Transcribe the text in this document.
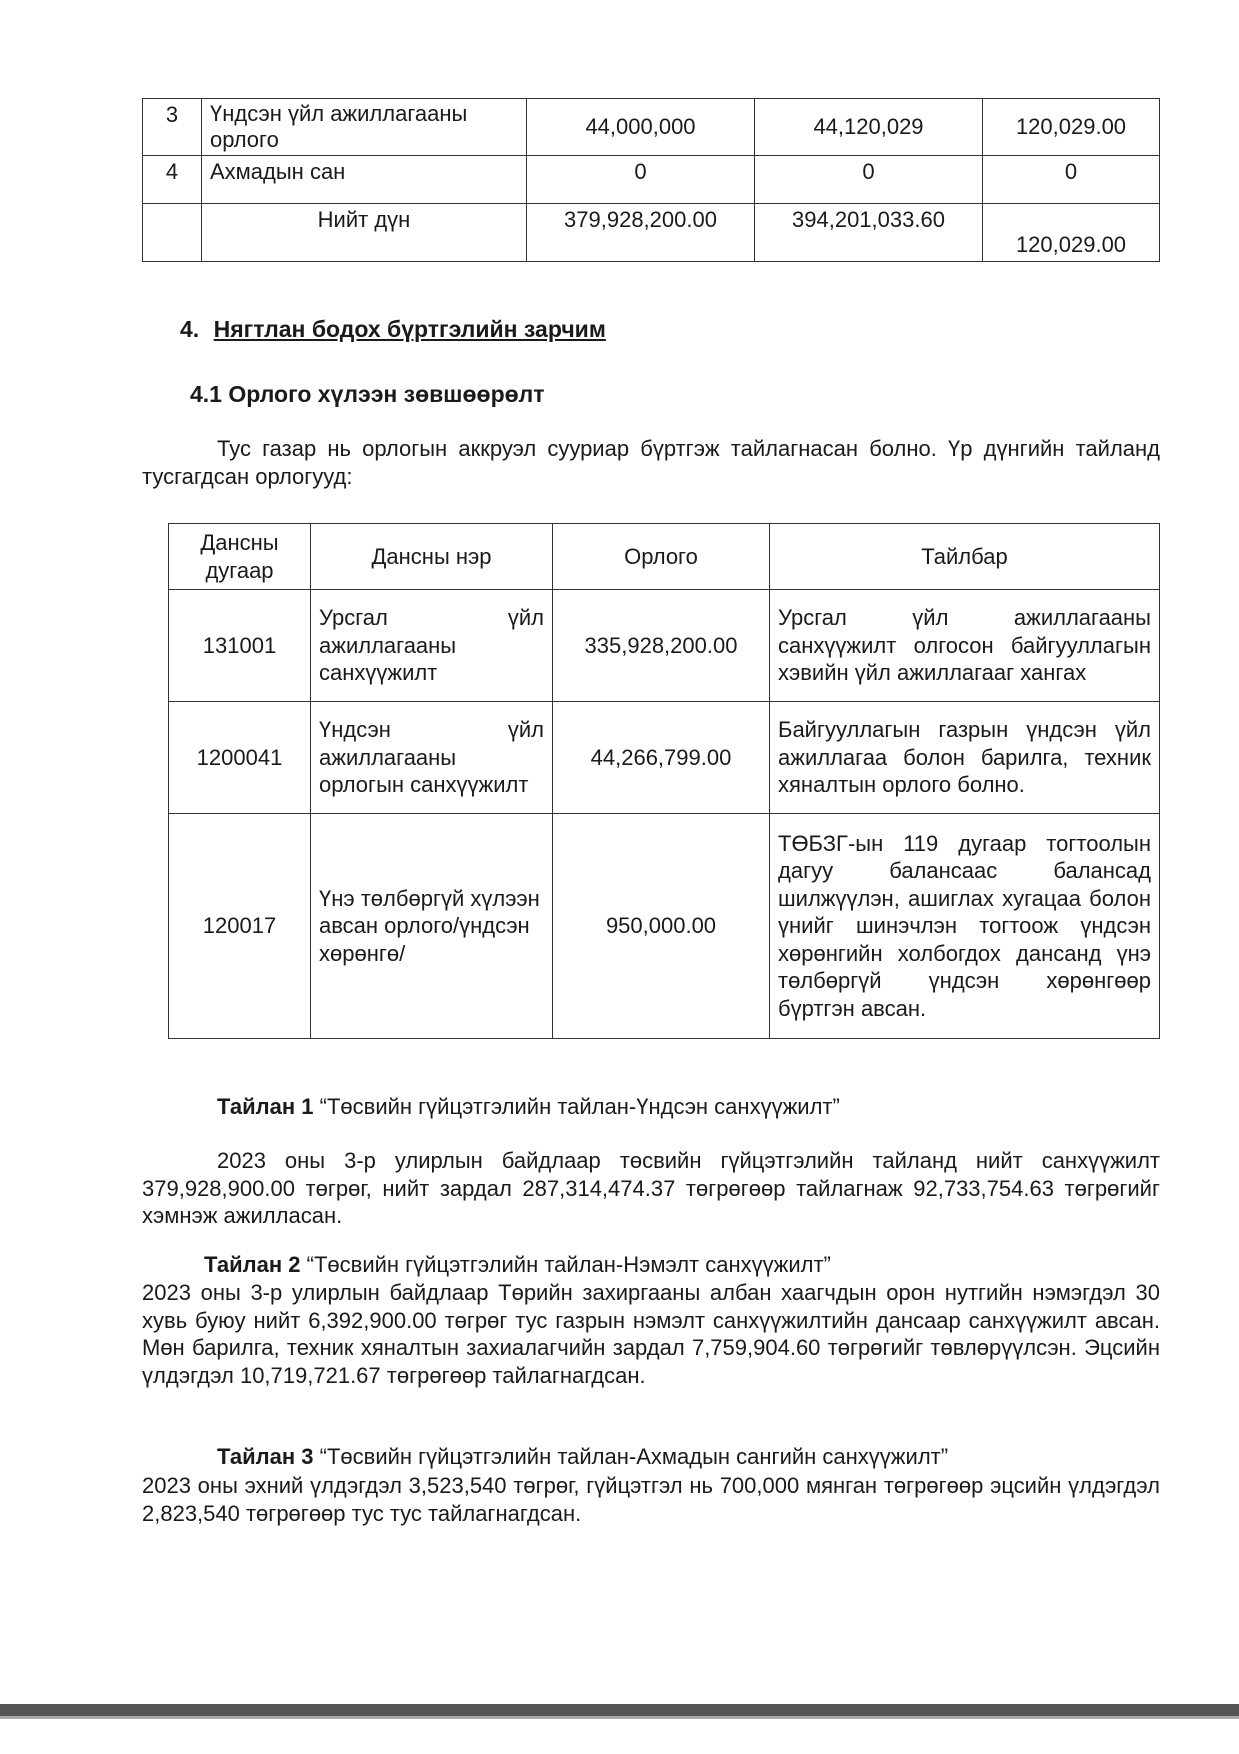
3	Үндсэн үйл ажиллагааны орлого	44,000,000	44,120,029	120,029.00
4	Ахмадын сан	0	0	0
	Нийт дүн	379,928,200.00	394,201,033.60	120,029.00
4. Нягтлан бодох бүртгэлийн зарчим
4.1 Орлого хүлээн зөвшөөрөлт
Тус газар нь орлогын аккруэл сууриар бүртгэж тайлагнасан болно. Үр дүнгийн тайланд тусгагдсан орлогууд:
Дансны дугаар	Дансны нэр	Орлого	Тайлбар
131001	Урсгал үйл ажиллагааны санхүүжилт	335,928,200.00	Урсгал үйл ажиллагааны санхүүжилт олгосон байгууллагын хэвийн үйл ажиллагааг хангах
1200041	Үндсэн үйл ажиллагааны орлогын санхүүжилт	44,266,799.00	Байгууллагын газрын үндсэн үйл ажиллагаа болон барилга, техник хяналтын орлого болно.
120017	Үнэ төлбөргүй хүлээн авсан орлого/үндсэн хөрөнгө/	950,000.00	ТӨБЗГ-ын 119 дугаар тогтоолын дагуу балансаас балансад шилжүүлэн, ашиглах хугацаа болон үнийг шинэчлэн тогтоож үндсэн хөрөнгийн холбогдох дансанд үнэ төлбөргүй үндсэн хөрөнгөөр бүртгэн авсан.
Тайлан 1 “Төсвийн гүйцэтгэлийн тайлан-Үндсэн санхүүжилт”
2023 оны 3-р улирлын байдлаар төсвийн гүйцэтгэлийн тайланд нийт санхүүжилт 379,928,900.00 төгрөг, нийт зардал 287,314,474.37 төгрөгөөр тайлагнаж 92,733,754.63 төгрөгийг хэмнэж ажилласан.
Тайлан 2 “Төсвийн гүйцэтгэлийн тайлан-Нэмэлт санхүүжилт”
2023 оны 3-р улирлын байдлаар Төрийн захиргааны албан хаагчдын орон нутгийн нэмэгдэл 30 хувь буюу нийт 6,392,900.00 төгрөг тус газрын нэмэлт санхүүжилтийн дансаар санхүүжилт авсан. Мөн барилга, техник хяналтын захиалагчийн зардал 7,759,904.60 төгрөгийг төвлөрүүлсэн. Эцсийн үлдэгдэл 10,719,721.67 төгрөгөөр тайлагнагдсан.
Тайлан 3 “Төсвийн гүйцэтгэлийн тайлан-Ахмадын сангийн санхүүжилт”
2023 оны эхний үлдэгдэл 3,523,540 төгрөг, гүйцэтгэл нь 700,000 мянган төгрөгөөр эцсийн үлдэгдэл 2,823,540 төгрөгөөр тус тус тайлагнагдсан.
